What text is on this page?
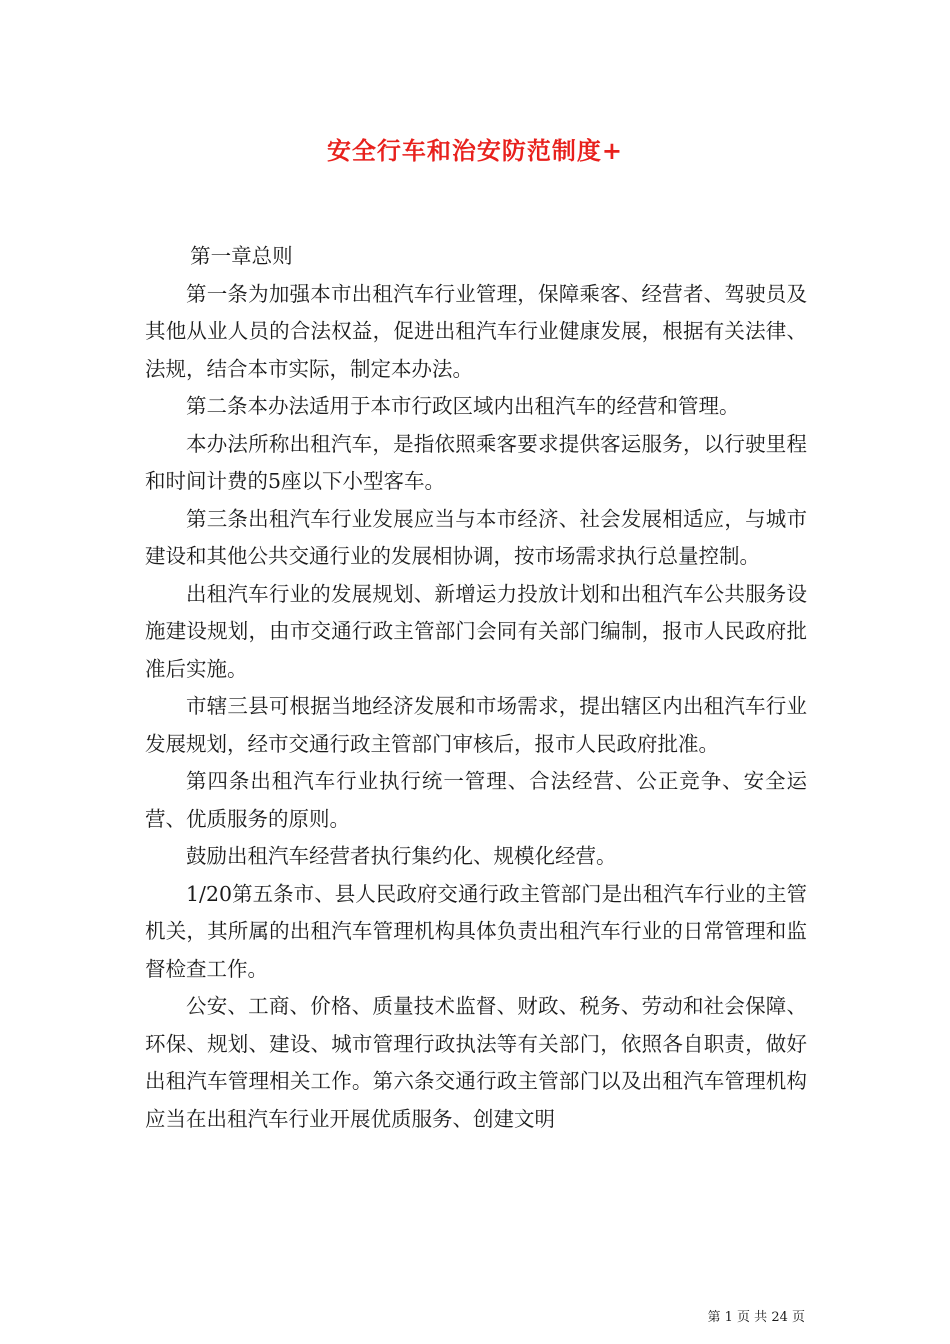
安全行车和治安防范制度+

第一章总则

第一条为加强本市出租汽车行业管理，保障乘客、经营者、驾驶员及其他从业人员的合法权益，促进出租汽车行业健康发展，根据有关法律、法规，结合本市实际，制定本办法。

第二条本办法适用于本市行政区域内出租汽车的经营和管理。

本办法所称出租汽车，是指依照乘客要求提供客运服务，以行驶里程和时间计费的5座以下小型客车。

第三条出租汽车行业发展应当与本市经济、社会发展相适应，与城市建设和其他公共交通行业的发展相协调，按市场需求执行总量控制。

出租汽车行业的发展规划、新增运力投放计划和出租汽车公共服务设施建设规划，由市交通行政主管部门会同有关部门编制，报市人民政府批准后实施。

市辖三县可根据当地经济发展和市场需求，提出辖区内出租汽车行业发展规划，经市交通行政主管部门审核后，报市人民政府批准。

第四条出租汽车行业执行统一管理、合法经营、公正竞争、安全运营、优质服务的原则。

鼓励出租汽车经营者执行集约化、规模化经营。

1/20第五条市、县人民政府交通行政主管部门是出租汽车行业的主管机关，其所属的出租汽车管理机构具体负责出租汽车行业的日常管理和监督检查工作。

公安、工商、价格、质量技术监督、财政、税务、劳动和社会保障、环保、规划、建设、城市管理行政执法等有关部门，依照各自职责，做好出租汽车管理相关工作。第六条交通行政主管部门以及出租汽车管理机构应当在出租汽车行业开展优质服务、创建文明

第 1 页 共 24 页
